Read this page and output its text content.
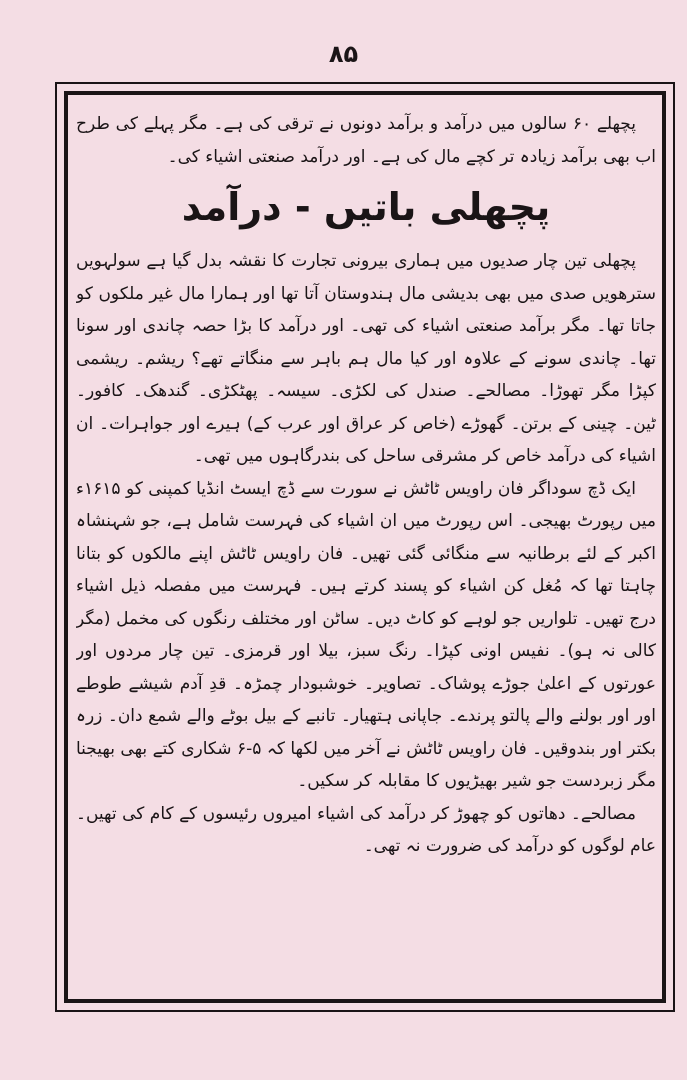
۸۵

پچھلے ۶۰ سالوں میں درآمد و برآمد دونوں نے ترقی کی ہے۔ مگر پہلے کی طرح اب بھی برآمد زیادہ تر کچے مال کی ہے۔ اور درآمد صنعتی اشیاء کی۔

پچھلی باتیں - درآمد

پچھلی تین چار صدیوں میں ہماری بیرونی تجارت کا نقشہ بدل گیا ہے سولہویں سترھویں صدی میں بھی بدیشی مال ہندوستان آتا تھا اور ہمارا مال غیر ملکوں کو جاتا تھا۔ مگر برآمد صنعتی اشیاء کی تھی۔ اور درآمد کا بڑا حصہ چاندی اور سونا تھا۔ چاندی سونے کے علاوہ اور کیا مال ہم باہر سے منگاتے تھے؟ ریشم۔ ریشمی کپڑا مگر تھوڑا۔ مصالحے۔ صندل کی لکڑی۔ سیسہ۔ پھٹکڑی۔ گندھک۔ کافور۔ ٹین۔ چینی کے برتن۔ گھوڑے (خاص کر عراق اور عرب کے) ہیرے اور جواہرات۔ ان اشیاء کی درآمد خاص کر مشرقی ساحل کی بندرگاہوں میں تھی۔

ایک ڈچ سوداگر فان راویس ٹاٹش نے سورت سے ڈچ ایسٹ انڈیا کمپنی کو ۱۶۱۵ء میں رپورٹ بھیجی۔ اس رپورٹ میں ان اشیاء کی فہرست شامل ہے، جو شہنشاہ اکبر کے لئے برطانیہ سے منگائی گئی تھیں۔ فان راویس ٹاٹش اپنے مالکوں کو بتانا چاہتا تھا کہ مُغل کن اشیاء کو پسند کرتے ہیں۔ فہرست میں مفصلہ ذیل اشیاء درج تھیں۔ تلواریں جو لوہے کو کاٹ دیں۔ ساٹن اور مختلف رنگوں کی مخمل (مگر کالی نہ ہو)۔ نفیس اونی کپڑا۔ رنگ سبز، بیلا اور قرمزی۔ تین چار مردوں اور عورتوں کے اعلیٰ جوڑے پوشاک۔ تصاویر۔ خوشبودار چمڑہ۔ قدِ آدم شیشے طوطے اور اور بولنے والے پالتو پرندے۔ جاپانی ہتھیار۔ تانبے کے بیل بوٹے والے شمع دان۔ زرہ بکتر اور بندوقیں۔ فان راویس ٹاٹش نے آخر میں لکھا کہ ۵-۶ شکاری کتے بھی بھیجنا مگر زبردست جو شیر بھیڑیوں کا مقابلہ کر سکیں۔

مصالحے۔ دھاتوں کو چھوڑ کر درآمد کی اشیاء امیروں رئیسوں کے کام کی تھیں۔ عام لوگوں کو درآمد کی ضرورت نہ تھی۔
